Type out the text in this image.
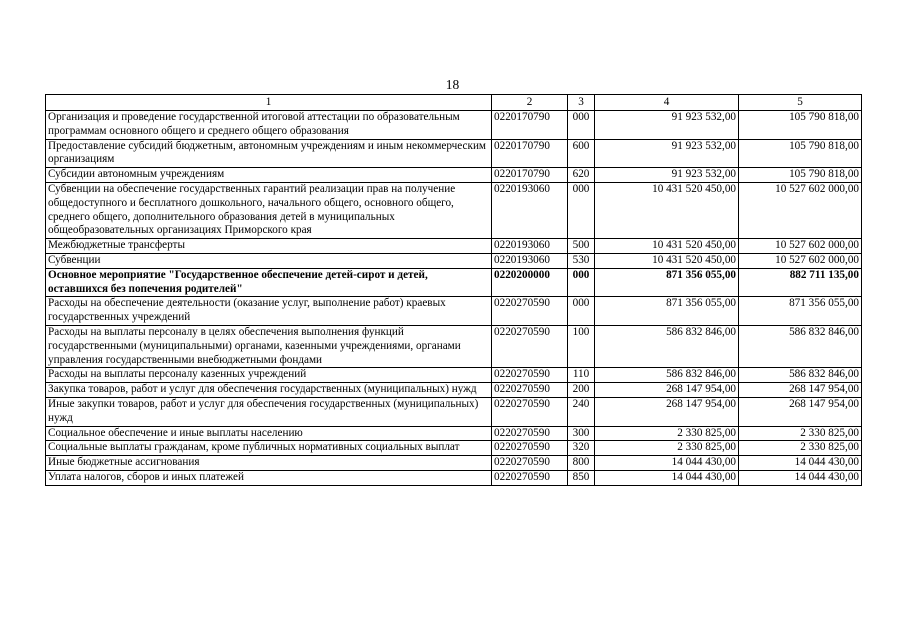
18
1	2	3	4	5
Организация и проведение государственной итоговой аттестации по образовательным программам основного общего и среднего общего образования	0220170790	000	91 923 532,00	105 790 818,00
Предоставление субсидий бюджетным, автономным учреждениям и иным некоммерческим организациям	0220170790	600	91 923 532,00	105 790 818,00
Субсидии автономным учреждениям	0220170790	620	91 923 532,00	105 790 818,00
Субвенции на обеспечение государственных гарантий реализации прав на получение общедоступного и бесплатного дошкольного, начального общего, основного общего, среднего общего, дополнительного образования детей в муниципальных общеобразовательных организациях Приморского края	0220193060	000	10 431 520 450,00	10 527 602 000,00
Межбюджетные трансферты	0220193060	500	10 431 520 450,00	10 527 602 000,00
Субвенции	0220193060	530	10 431 520 450,00	10 527 602 000,00
Основное мероприятие "Государственное обеспечение детей-сирот и детей, оставшихся без попечения родителей"	0220200000	000	871 356 055,00	882 711 135,00
Расходы на обеспечение деятельности (оказание услуг, выполнение работ) краевых государственных учреждений	0220270590	000	871 356 055,00	871 356 055,00
Расходы на выплаты персоналу в целях обеспечения выполнения функций государственными (муниципальными) органами, казенными учреждениями, органами управления государственными внебюджетными фондами	0220270590	100	586 832 846,00	586 832 846,00
Расходы на выплаты персоналу казенных учреждений	0220270590	110	586 832 846,00	586 832 846,00
Закупка товаров, работ и услуг для обеспечения государственных (муниципальных) нужд	0220270590	200	268 147 954,00	268 147 954,00
Иные закупки товаров, работ и услуг для обеспечения государственных (муниципальных) нужд	0220270590	240	268 147 954,00	268 147 954,00
Социальное обеспечение и иные выплаты населению	0220270590	300	2 330 825,00	2 330 825,00
Социальные выплаты гражданам, кроме публичных нормативных социальных выплат	0220270590	320	2 330 825,00	2 330 825,00
Иные бюджетные ассигнования	0220270590	800	14 044 430,00	14 044 430,00
Уплата налогов, сборов и иных платежей	0220270590	850	14 044 430,00	14 044 430,00
